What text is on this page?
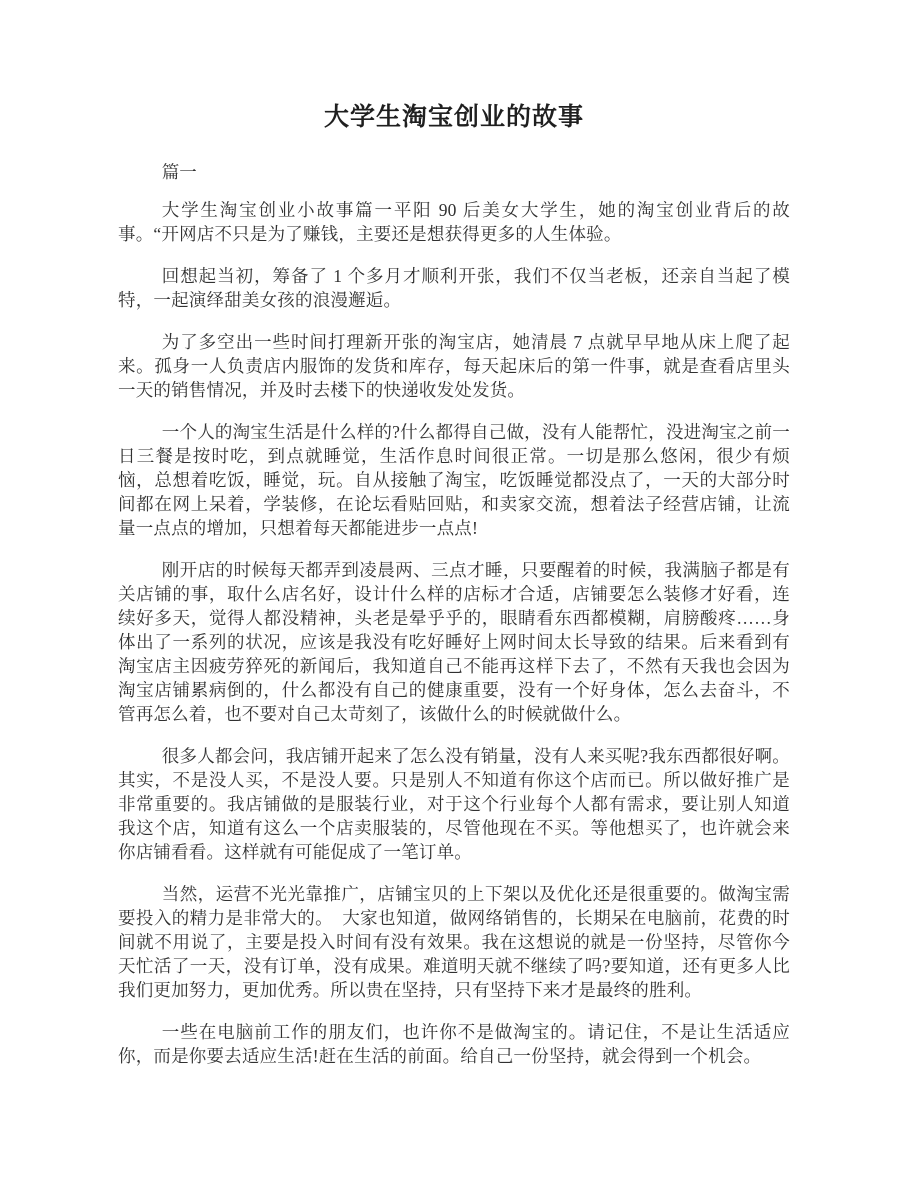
大学生淘宝创业的故事

篇一

大学生淘宝创业小故事篇一平阳 90 后美女大学生，她的淘宝创业背后的故事。“开网店不只是为了赚钱，主要还是想获得更多的人生体验。

回想起当初，筹备了 1 个多月才顺利开张，我们不仅当老板，还亲自当起了模特，一起演绎甜美女孩的浪漫邂逅。

为了多空出一些时间打理新开张的淘宝店，她清晨 7 点就早早地从床上爬了起来。孤身一人负责店内服饰的发货和库存，每天起床后的第一件事，就是查看店里头一天的销售情况，并及时去楼下的快递收发处发货。

一个人的淘宝生活是什么样的?什么都得自己做，没有人能帮忙，没进淘宝之前一日三餐是按时吃，到点就睡觉，生活作息时间很正常。一切是那么悠闲，很少有烦恼，总想着吃饭，睡觉，玩。自从接触了淘宝，吃饭睡觉都没点了，一天的大部分时间都在网上呆着，学装修，在论坛看贴回贴，和卖家交流，想着法子经营店铺，让流量一点点的增加，只想着每天都能进步一点点!

刚开店的时候每天都弄到凌晨两、三点才睡，只要醒着的时候，我满脑子都是有关店铺的事，取什么店名好，设计什么样的店标才合适，店铺要怎么装修才好看，连续好多天，觉得人都没精神，头老是晕乎乎的，眼睛看东西都模糊，肩膀酸疼……身体出了一系列的状况，应该是我没有吃好睡好上网时间太长导致的结果。后来看到有淘宝店主因疲劳猝死的新闻后，我知道自己不能再这样下去了，不然有天我也会因为淘宝店铺累病倒的，什么都没有自己的健康重要，没有一个好身体，怎么去奋斗，不管再怎么着，也不要对自己太苛刻了，该做什么的时候就做什么。

很多人都会问，我店铺开起来了怎么没有销量，没有人来买呢?我东西都很好啊。其实，不是没人买，不是没人要。只是别人不知道有你这个店而已。所以做好推广是非常重要的。我店铺做的是服装行业，对于这个行业每个人都有需求，要让别人知道我这个店，知道有这么一个店卖服装的，尽管他现在不买。等他想买了，也许就会来你店铺看看。这样就有可能促成了一笔订单。

当然，运营不光光靠推广，店铺宝贝的上下架以及优化还是很重要的。做淘宝需要投入的精力是非常大的。　大家也知道，做网络销售的，长期呆在电脑前，花费的时间就不用说了，主要是投入时间有没有效果。我在这想说的就是一份坚持，尽管你今天忙活了一天，没有订单，没有成果。难道明天就不继续了吗?要知道，还有更多人比我们更加努力，更加优秀。所以贵在坚持，只有坚持下来才是最终的胜利。

一些在电脑前工作的朋友们，也许你不是做淘宝的。请记住，不是让生活适应你，而是你要去适应生活!赶在生活的前面。给自己一份坚持，就会得到一个机会。
